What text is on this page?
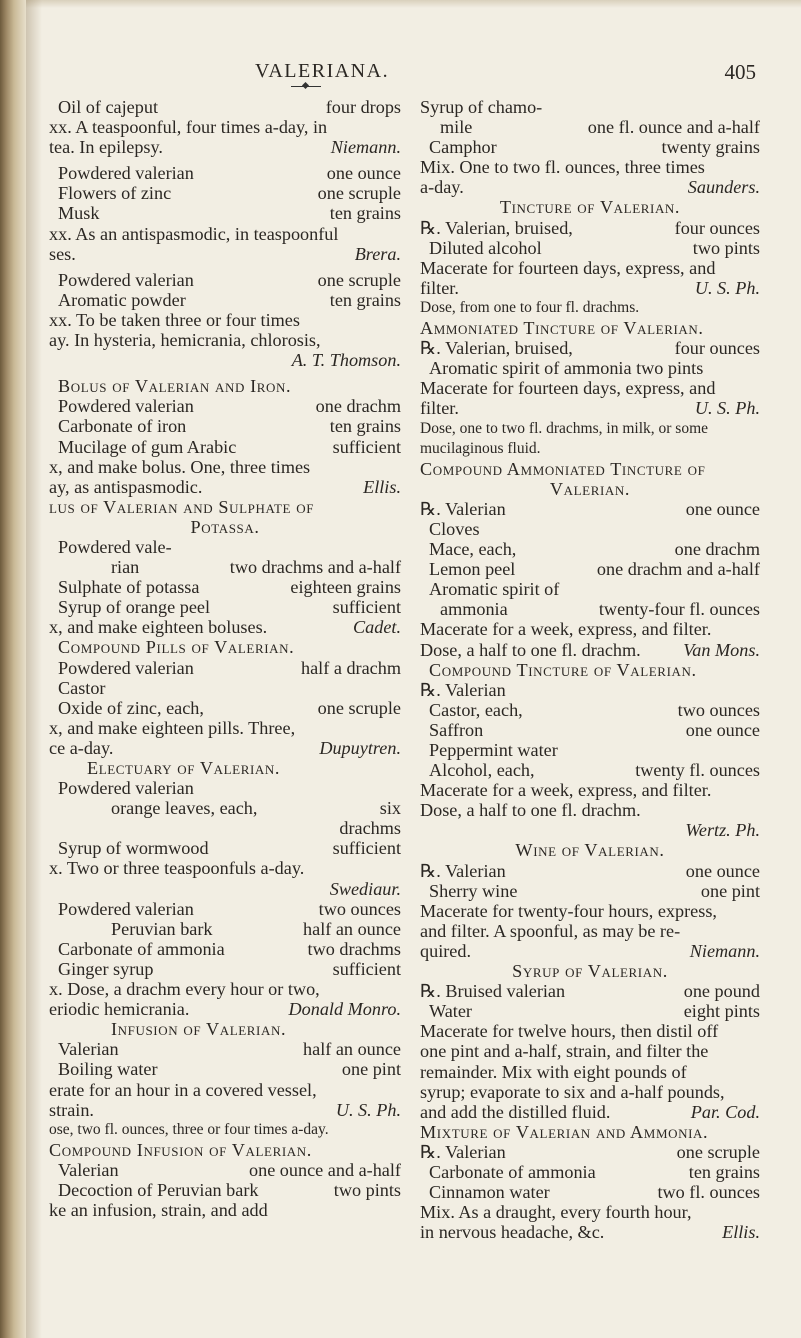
VALERIANA.	405
Oil of cajeput	four drops
xx. A teaspoonful, four times a-day, in
tea. In epilepsy.	Niemann.
Powdered valerian	one ounce
Flowers of zinc	one scruple
Musk	ten grains
xx. As an antispasmodic, in teaspoonful
ses.	Brera.
Powdered valerian	one scruple
Aromatic powder	ten grains
xx. To be taken three or four times
ay. In hysteria, hemicrania, chlorosis,
A. T. Thomson.
Bolus of Valerian and Iron.
Powdered valerian	one drachm
Carbonate of iron	ten grains
Mucilage of gum Arabic	sufficient
x, and make bolus. One, three times
ay, as antispasmodic.	Ellis.
lus of Valerian and Sulphate of
Potassa.
Powdered vale-
rian	two drachms and a-half
Sulphate of potassa	eighteen grains
Syrup of orange peel	sufficient
x, and make eighteen boluses.	Cadet.
Compound Pills of Valerian.
Powdered valerian	half a drachm
Castor
Oxide of zinc, each,	one scruple
x, and make eighteen pills. Three,
ce a-day.	Dupuytren.
Electuary of Valerian.
Powdered valerian
orange leaves, each,	six
drachms
Syrup of wormwood	sufficient
x. Two or three teaspoonfuls a-day.
Swediaur.
Powdered valerian	two ounces
Peruvian bark	half an ounce
Carbonate of ammonia	two drachms
Ginger syrup	sufficient
x. Dose, a drachm every hour or two,
eriodic hemicrania.	Donald Monro.
Infusion of Valerian.
Valerian	half an ounce
Boiling water	one pint
erate for an hour in a covered vessel,
strain.	U. S. Ph.
ose, two fl. ounces, three or four times a-day.
Compound Infusion of Valerian.
Valerian	one ounce and a-half
Decoction of Peruvian bark	two pints
ke an infusion, strain, and add
Syrup of chamo-
mile	one fl. ounce and a-half
Camphor	twenty grains
Mix. One to two fl. ounces, three times
a-day.	Saunders.
Tincture of Valerian.
℞. Valerian, bruised,	four ounces
Diluted alcohol	two pints
Macerate for fourteen days, express, and
filter.	U. S. Ph.
Dose, from one to four fl. drachms.
Ammoniated Tincture of Valerian.
℞. Valerian, bruised,	four ounces
Aromatic spirit of ammonia two pints
Macerate for fourteen days, express, and
filter.	U. S. Ph.
Dose, one to two fl. drachms, in milk, or some
mucilaginous fluid.
Compound Ammoniated Tincture of
Valerian.
℞. Valerian	one ounce
Cloves
Mace, each,	one drachm
Lemon peel	one drachm and a-half
Aromatic spirit of
ammonia	twenty-four fl. ounces
Macerate for a week, express, and filter.
Dose, a half to one fl. drachm. Van Mons.
Compound Tincture of Valerian.
℞. Valerian
Castor, each,	two ounces
Saffron	one ounce
Peppermint water
Alcohol, each,	twenty fl. ounces
Macerate for a week, express, and filter.
Dose, a half to one fl. drachm.
Wertz. Ph.
Wine of Valerian.
℞. Valerian	one ounce
Sherry wine	one pint
Macerate for twenty-four hours, express,
and filter. A spoonful, as may be re-
quired.	Niemann.
Syrup of Valerian.
℞. Bruised valerian	one pound
Water	eight pints
Macerate for twelve hours, then distil off
one pint and a-half, strain, and filter the
remainder. Mix with eight pounds of
syrup; evaporate to six and a-half pounds,
and add the distilled fluid.	Par. Cod.
Mixture of Valerian and Ammonia.
℞. Valerian	one scruple
Carbonate of ammonia	ten grains
Cinnamon water	two fl. ounces
Mix. As a draught, every fourth hour,
in nervous headache, &c.	Ellis.
